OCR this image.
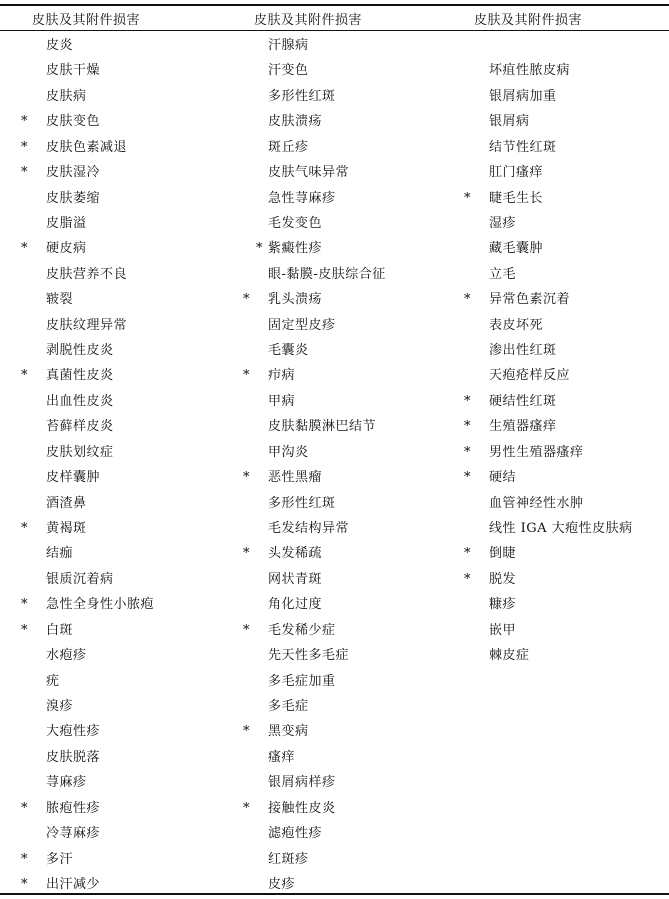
皮肤及其附件损害
皮炎
皮肤干燥
皮肤病
*	皮肤变色
*	皮肤色素减退
*	皮肤湿冷
皮肤萎缩
皮脂溢
*	硬皮病
皮肤营养不良
皲裂
皮肤纹理异常
剥脱性皮炎
*	真菌性皮炎
出血性皮炎
苔藓样皮炎
皮肤划纹症
皮样囊肿
酒渣鼻
*	黄褐斑
结痂
银质沉着病
*	急性全身性小脓疱
*	白斑
水疱疹
疣
溴疹
大疱性疹
皮肤脱落
荨麻疹
*	脓疱性疹
冷荨麻疹
*	多汗
*	出汗减少
皮肤及其附件损害
汗腺病
汗变色
多形性红斑
皮肤溃疡
斑丘疹
皮肤气味异常
急性荨麻疹
毛发变色
* 紫癜性疹
眼-黏膜-皮肤综合征
*	乳头溃疡
固定型皮疹
毛囊炎
*	疖病
甲病
皮肤黏膜淋巴结节
甲沟炎
*	恶性黑瘤
多形性红斑
毛发结构异常
*	头发稀疏
网状青斑
角化过度
*	毛发稀少症
先天性多毛症
多毛症加重
多毛症
*	黑变病
瘙痒
银屑病样疹
*	接触性皮炎
滤疱性疹
红斑疹
皮疹
皮肤及其附件损害
坏疽性脓皮病
银屑病加重
银屑病
结节性红斑
肛门瘙痒
*	睫毛生长
湿疹
藏毛囊肿
立毛
*	异常色素沉着
表皮坏死
渗出性红斑
天疱疮样反应
*	硬结性红斑
*	生殖器瘙痒
*	男性生殖器瘙痒
*	硬结
血管神经性水肿
线性 IGA 大疱性皮肤病
*	倒睫
*	脱发
糠疹
嵌甲
棘皮症
